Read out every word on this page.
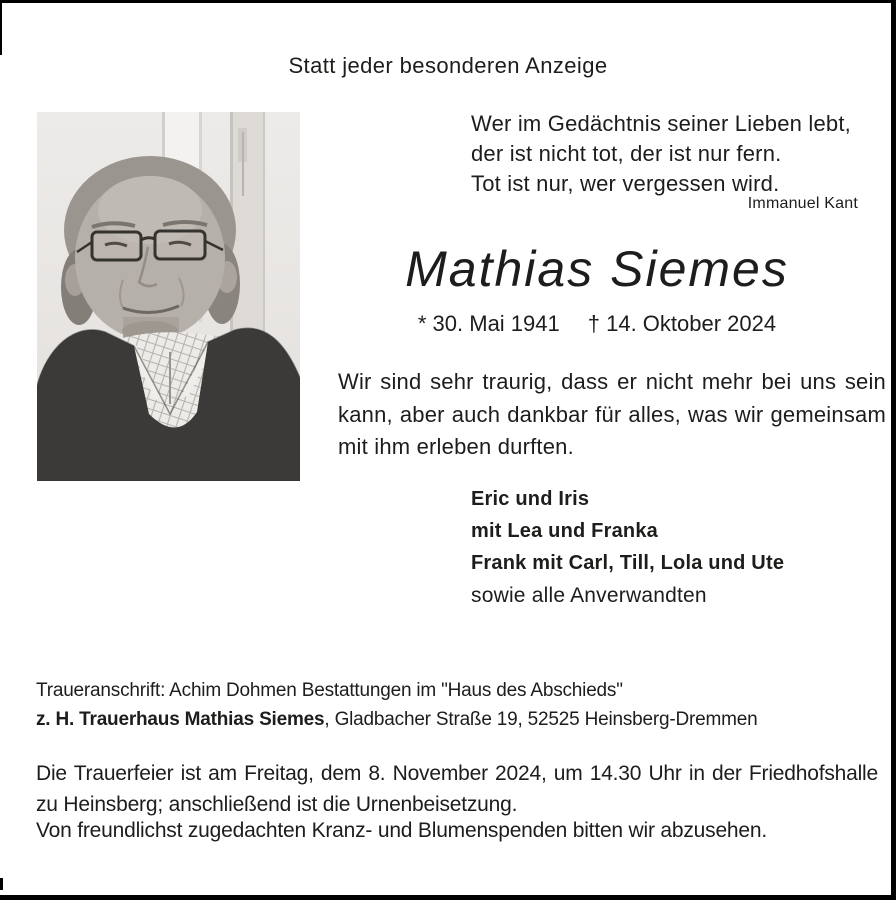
Statt jeder besonderen Anzeige
Wer im Gedächtnis seiner Lieben lebt,
der ist nicht tot, der ist nur fern.
Tot ist nur, wer vergessen wird.
Immanuel Kant
Mathias Siemes
* 30. Mai 1941 † 14. Oktober 2024
Wir sind sehr traurig, dass er nicht mehr bei uns sein kann, aber auch dankbar für alles, was wir gemeinsam mit ihm erleben durften.
Eric und Iris
mit Lea und Franka
Frank mit Carl, Till, Lola und Ute
sowie alle Anverwandten
Traueranschrift: Achim Dohmen Bestattungen im "Haus des Abschieds"
z. H. Trauerhaus Mathias Siemes, Gladbacher Straße 19, 52525 Heinsberg-Dremmen
Die Trauerfeier ist am Freitag, dem 8. November 2024, um 14.30 Uhr in der Friedhofshalle zu Heinsberg; anschließend ist die Urnenbeisetzung.
Von freundlichst zugedachten Kranz- und Blumenspenden bitten wir abzusehen.
